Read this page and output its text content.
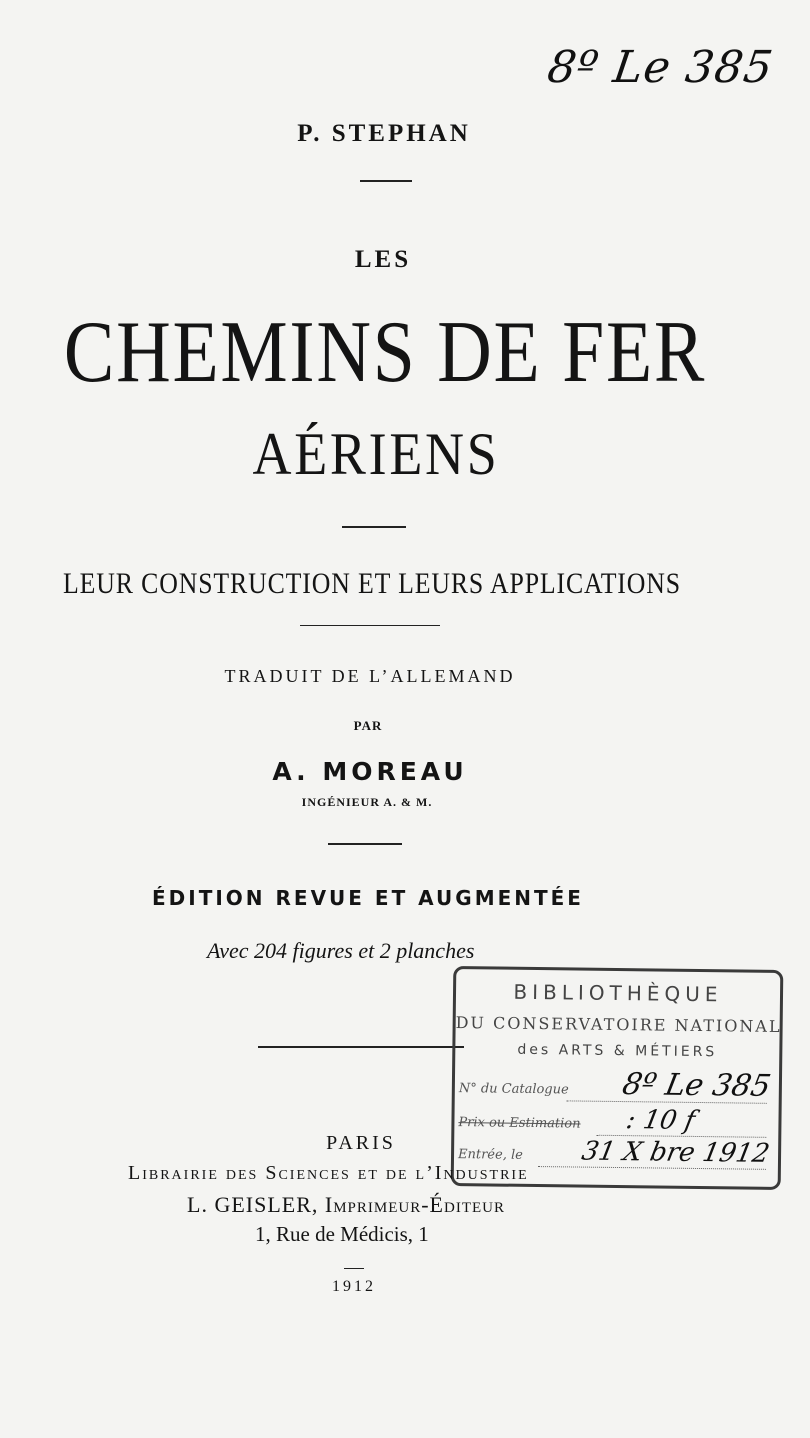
8º Le 385
P. STEPHAN
LES
CHEMINS DE FER
AÉRIENS
LEUR CONSTRUCTION ET LEURS APPLICATIONS
TRADUIT DE L’ALLEMAND
PAR
A. MOREAU
INGÉNIEUR A. & M.
ÉDITION REVUE ET AUGMENTÉE
Avec 204 figures et 2 planches
BIBLIOTHÈQUE
DU CONSERVATOIRE NATIONAL
des ARTS & MÉTIERS
N° du Catalogue 8º Le 385
Prix ou Estimation : 10 f
Entrée, le 31 X bre 1912
PARIS
Librairie des Sciences et de l’Industrie
L. GEISLER, Imprimeur-Éditeur
1, Rue de Médicis, 1
1912
